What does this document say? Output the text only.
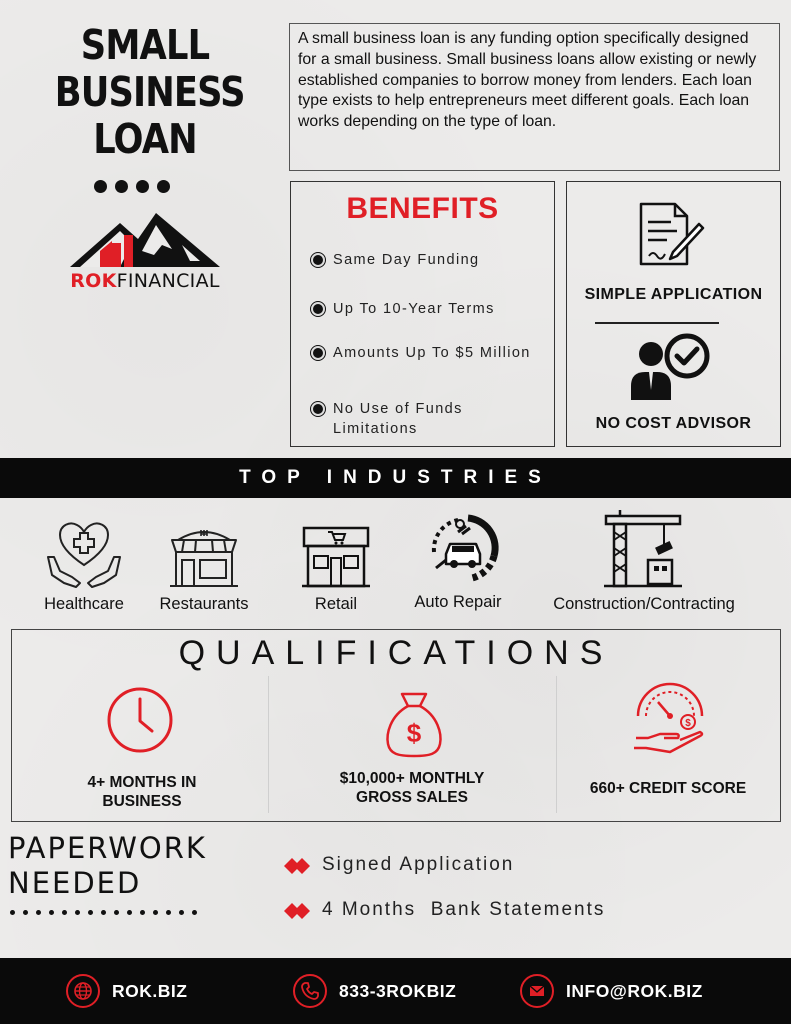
SMALL
BUSINESS
LOAN
ROKFINANCIAL
A small business loan is any funding option specifically designed for a small business. Small business loans allow existing or newly established companies to borrow money from lenders. Each loan type exists to help entrepreneurs meet different goals. Each loan works depending on the type of loan.
BENEFITS
Same Day Funding
Up To 10-Year Terms
Amounts Up To $5 Million
No Use of Funds Limitations
SIMPLE APPLICATION
NO COST ADVISOR
TOP INDUSTRIES
Healthcare	Restaurants	Retail	Auto Repair	Construction/Contracting
QUALIFICATIONS
4+ MONTHS IN
BUSINESS
$
$10,000+ MONTHLY
GROSS SALES
$
660+ CREDIT SCORE
PAPERWORK
NEEDED
Signed Application
4 Months  Bank Statements
ROK.BIZ	833-3ROKBIZ	INFO@ROK.BIZ
